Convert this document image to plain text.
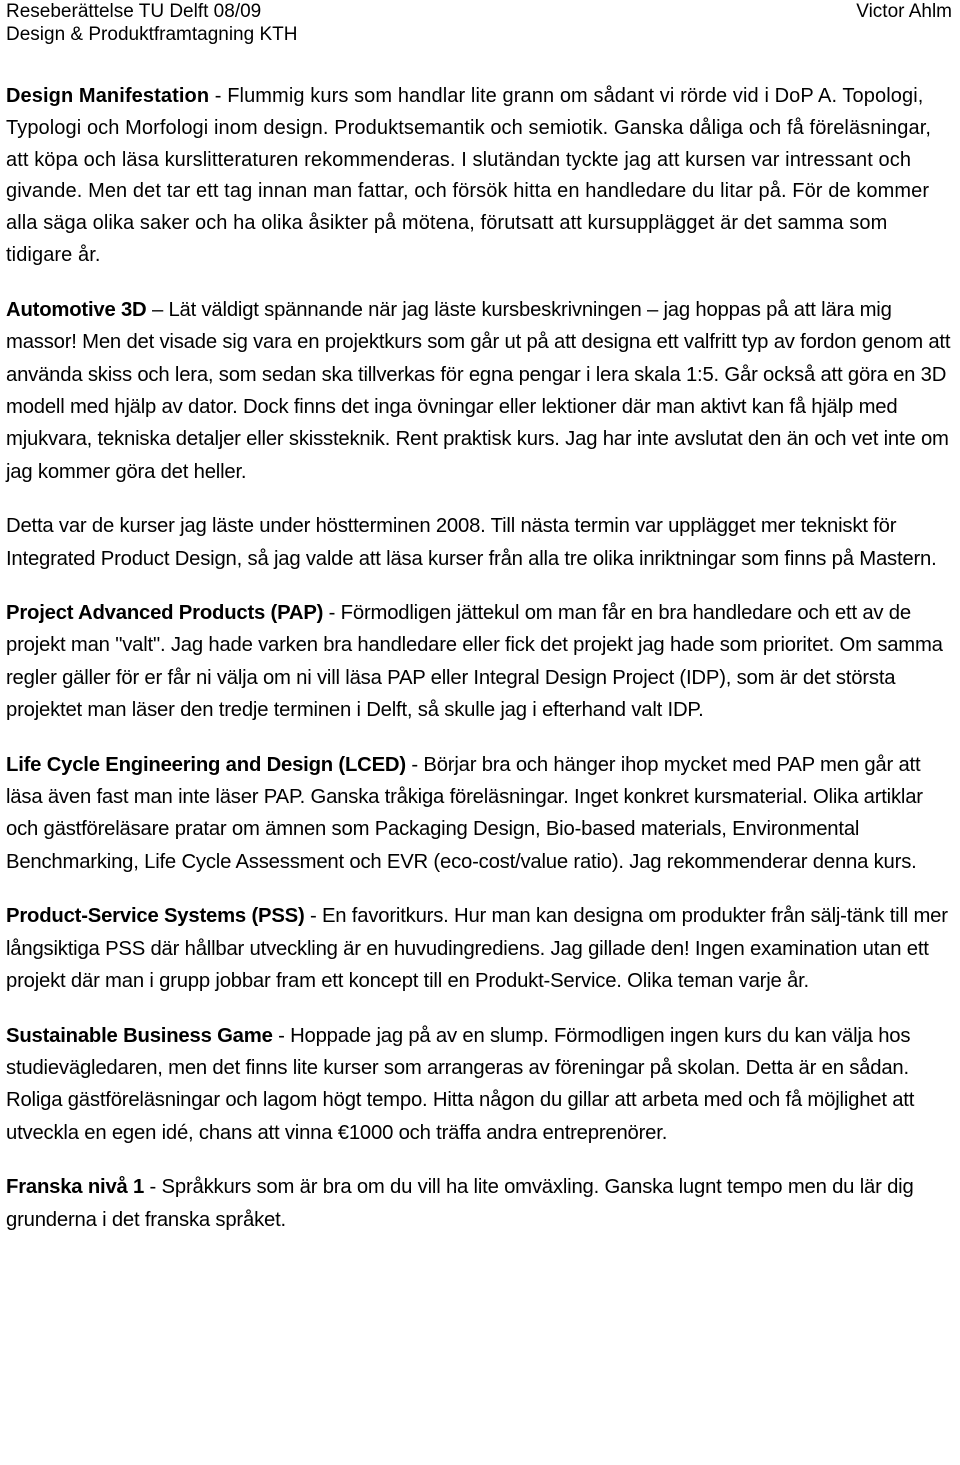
Reseberättelse TU Delft 08/09
Design & Produktframtagning KTH
Victor Ahlm

Design Manifestation - Flummig kurs som handlar lite grann om sådant vi rörde vid i DoP A. Topologi, Typologi och Morfologi inom design. Produktsemantik och semiotik. Ganska dåliga och få föreläsningar, att köpa och läsa kurslitteraturen rekommenderas. I slutändan tyckte jag att kursen var intressant och givande. Men det tar ett tag innan man fattar, och försök hitta en handledare du litar på. För de kommer alla säga olika saker och ha olika åsikter på mötena, förutsatt att kursupplägget är det samma som tidigare år.

Automotive 3D – Lät väldigt spännande när jag läste kursbeskrivningen – jag hoppas på att lära mig massor! Men det visade sig vara en projektkurs som går ut på att designa ett valfritt typ av fordon genom att använda skiss och lera, som sedan ska tillverkas för egna pengar i lera skala 1:5. Går också att göra en 3D modell med hjälp av dator. Dock finns det inga övningar eller lektioner där man aktivt kan få hjälp med mjukvara, tekniska detaljer eller skissteknik. Rent praktisk kurs. Jag har inte avslutat den än och vet inte om jag kommer göra det heller.

Detta var de kurser jag läste under höstterminen 2008. Till nästa termin var upplägget mer tekniskt för Integrated Product Design, så jag valde att läsa kurser från alla tre olika inriktningar som finns på Mastern.

Project Advanced Products (PAP) - Förmodligen jättekul om man får en bra handledare och ett av de projekt man "valt". Jag hade varken bra handledare eller fick det projekt jag hade som prioritet. Om samma regler gäller för er får ni välja om ni vill läsa PAP eller Integral Design Project (IDP), som är det största projektet man läser den tredje terminen i Delft, så skulle jag i efterhand valt IDP.

Life Cycle Engineering and Design (LCED) - Börjar bra och hänger ihop mycket med PAP men går att läsa även fast man inte läser PAP. Ganska tråkiga föreläsningar. Inget konkret kursmaterial. Olika artiklar och gästföreläsare pratar om ämnen som Packaging Design, Bio-based materials, Environmental Benchmarking, Life Cycle Assessment och EVR (eco-cost/value ratio). Jag rekommenderar denna kurs.

Product-Service Systems (PSS) - En favoritkurs. Hur man kan designa om produkter från sälj-tänk till mer långsiktiga PSS där hållbar utveckling är en huvudingrediens. Jag gillade den! Ingen examination utan ett projekt där man i grupp jobbar fram ett koncept till en Produkt-Service. Olika teman varje år.

Sustainable Business Game - Hoppade jag på av en slump. Förmodligen ingen kurs du kan välja hos studievägledaren, men det finns lite kurser som arrangeras av föreningar på skolan. Detta är en sådan. Roliga gästföreläsningar och lagom högt tempo. Hitta någon du gillar att arbeta med och få möjlighet att utveckla en egen idé, chans att vinna €1000 och träffa andra entreprenörer.

Franska nivå 1 - Språkkurs som är bra om du vill ha lite omväxling. Ganska lugnt tempo men du lär dig grunderna i det franska språket.
